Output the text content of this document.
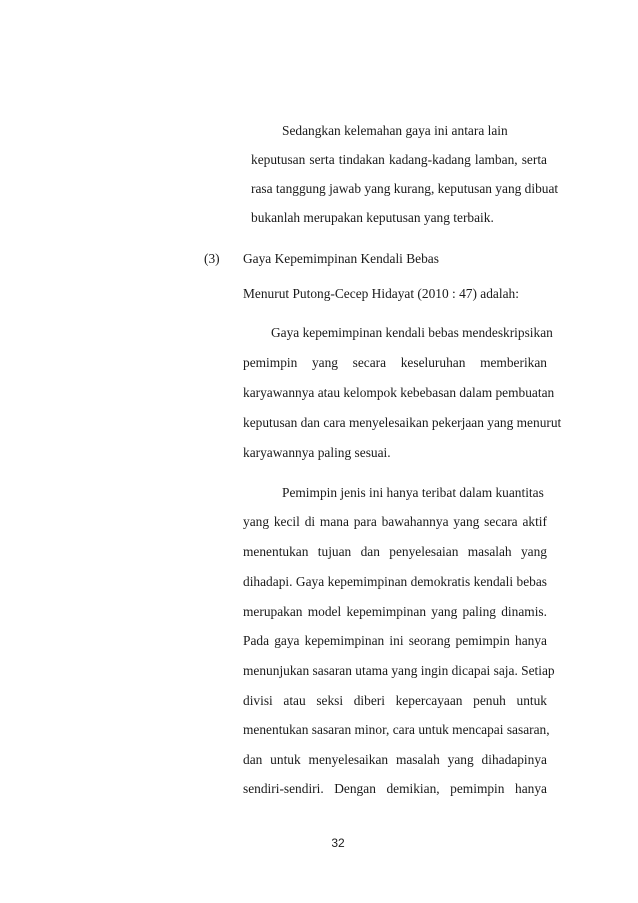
Sedangkan kelemahan gaya ini antara lain
keputusan serta tindakan kadang-kadang lamban, serta
rasa tanggung jawab yang kurang, keputusan yang dibuat
bukanlah merupakan keputusan yang terbaik.
(3) Gaya Kepemimpinan Kendali Bebas
Menurut Putong-Cecep Hidayat (2010 : 47) adalah:
Gaya kepemimpinan kendali bebas mendeskripsikan
pemimpin yang secara keseluruhan memberikan
karyawannya atau kelompok kebebasan dalam pembuatan
keputusan dan cara menyelesaikan pekerjaan yang menurut
karyawannya paling sesuai.
Pemimpin jenis ini hanya teribat dalam kuantitas
yang kecil di mana para bawahannya yang secara aktif
menentukan tujuan dan penyelesaian masalah yang
dihadapi. Gaya kepemimpinan demokratis kendali bebas
merupakan model kepemimpinan yang paling dinamis.
Pada gaya kepemimpinan ini seorang pemimpin hanya
menunjukan sasaran utama yang ingin dicapai saja. Setiap
divisi atau seksi diberi kepercayaan penuh untuk
menentukan sasaran minor, cara untuk mencapai sasaran,
dan untuk menyelesaikan masalah yang dihadapinya
sendiri-sendiri. Dengan demikian, pemimpin hanya
32
